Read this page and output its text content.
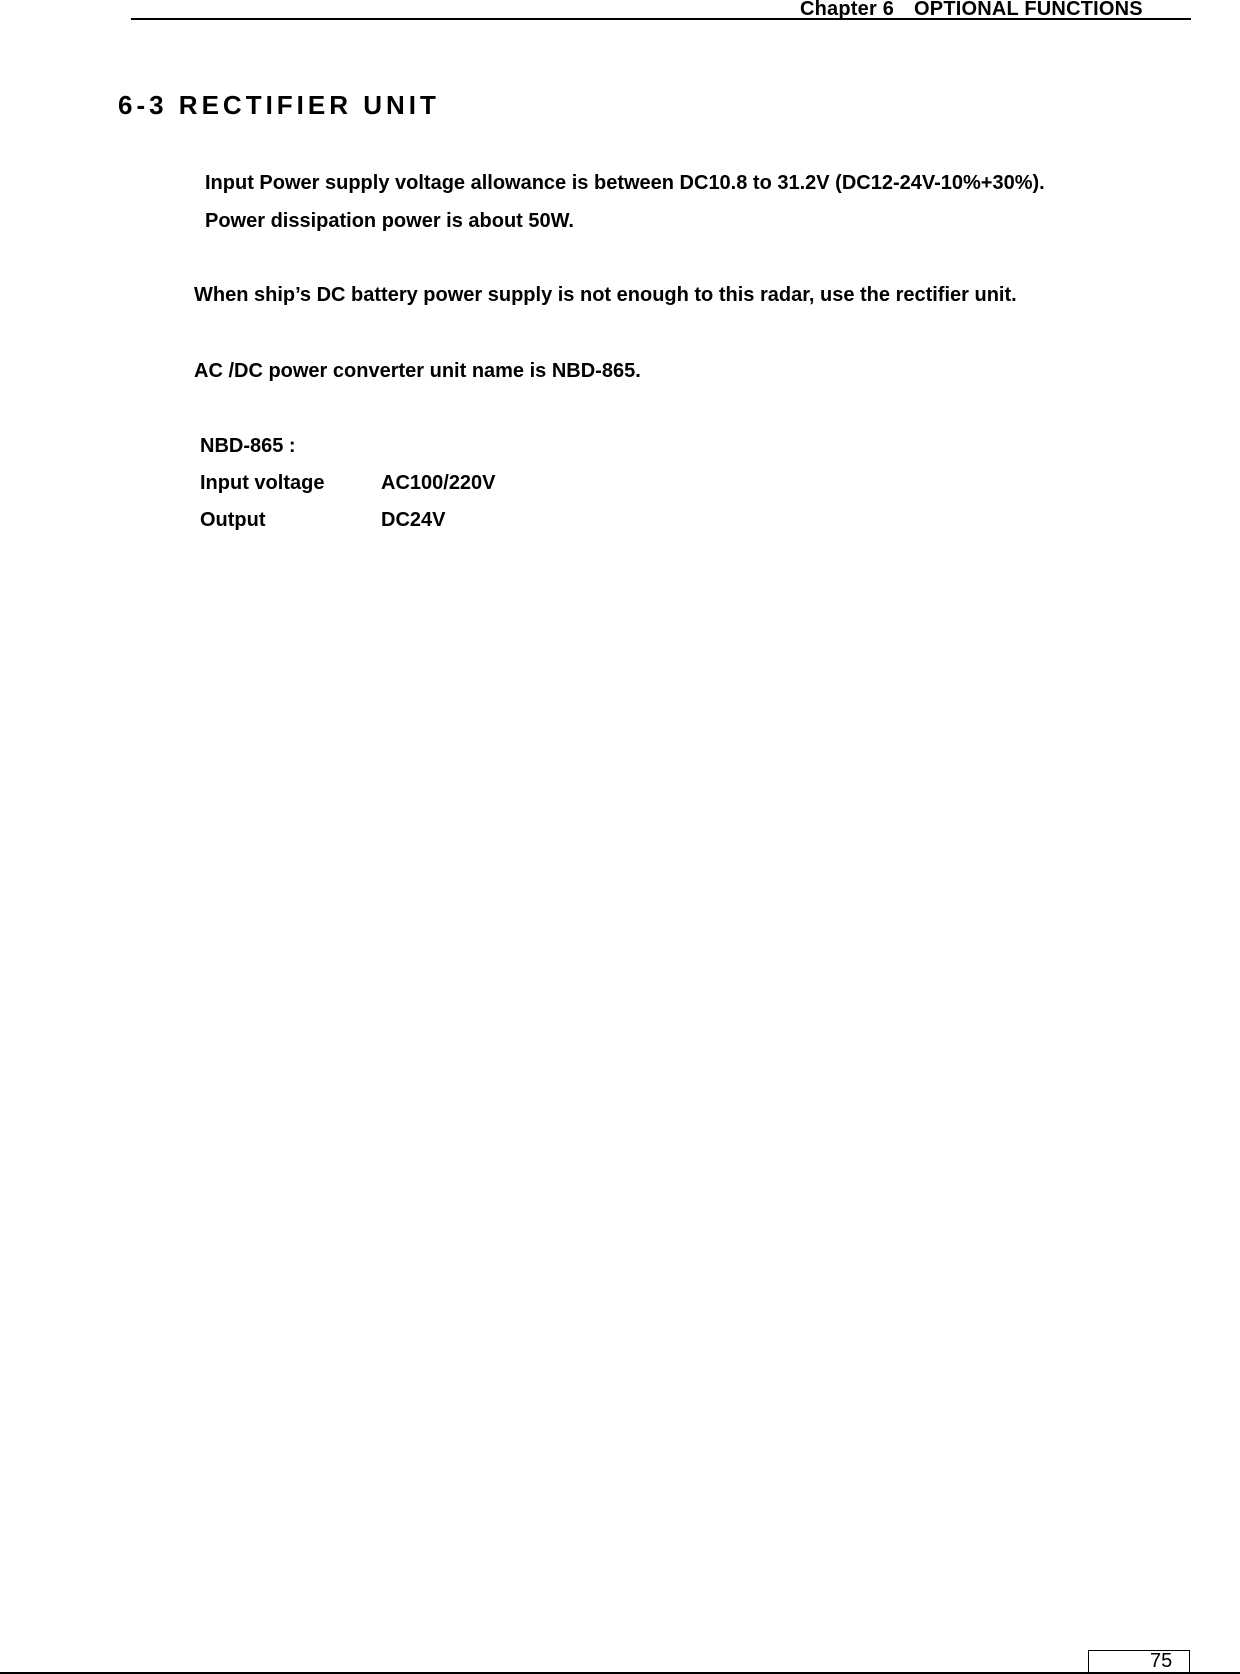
Chapter 6 OPTIONAL FUNCTIONS
6-3 RECTIFIER UNIT
Input Power supply voltage allowance is between DC10.8 to 31.2V (DC12-24V-10%+30%).
Power dissipation power is about 50W.
When ship’s DC battery power supply is not enough to this radar, use the rectifier unit.
AC /DC power converter unit name is NBD-865.
NBD-865 :
Input voltage	AC100/220V
Output	DC24V
75
